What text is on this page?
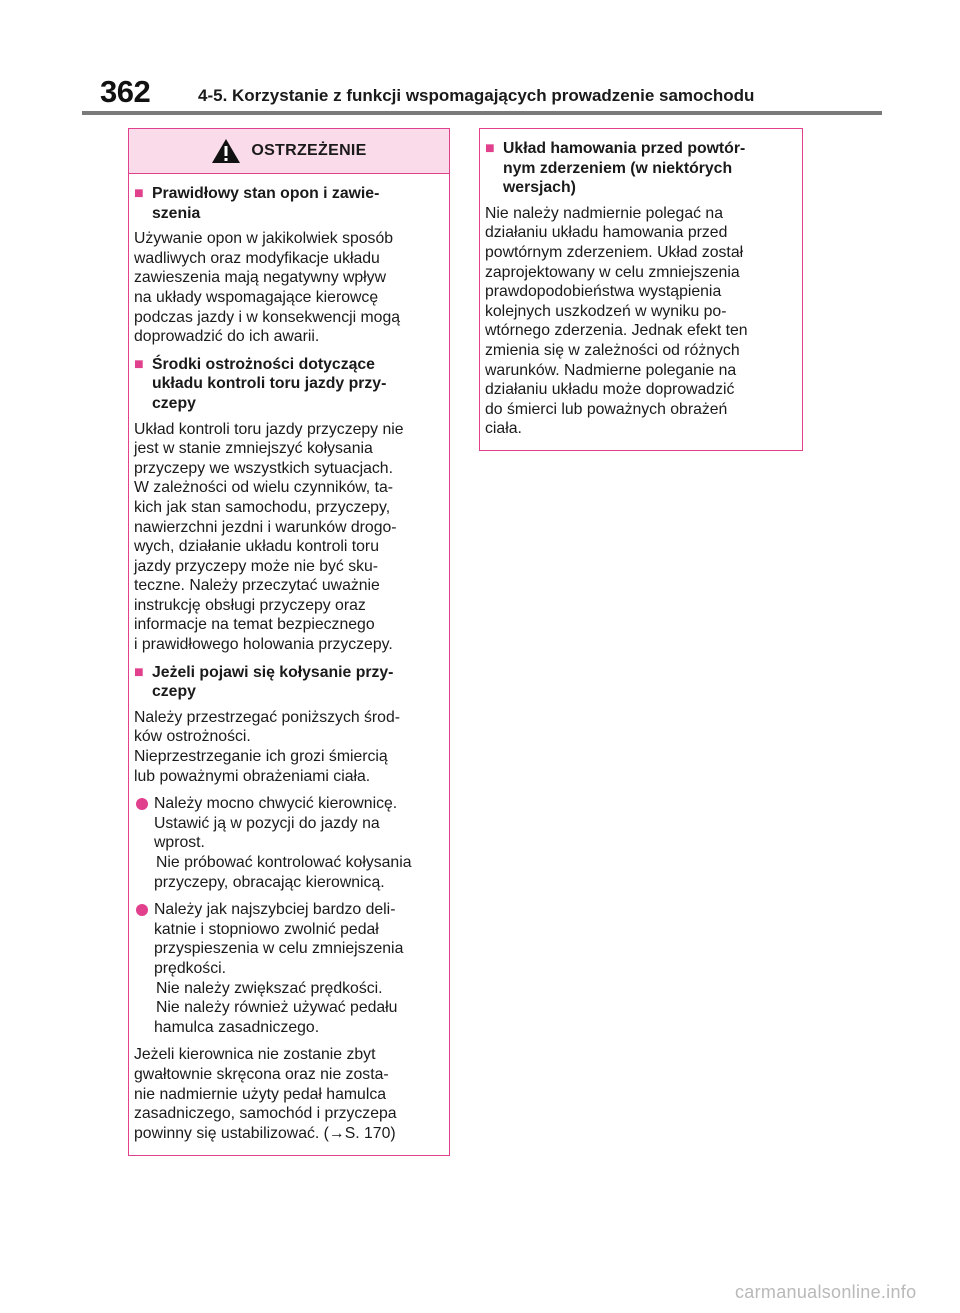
362	4-5. Korzystanie z funkcji wspomagających prowadzenie samochodu
OSTRZEŻENIE
■ Prawidłowy stan opon i zawie-
szenia
Używanie opon w jakikolwiek sposób
wadliwych oraz modyfikacje układu
zawieszenia mają negatywny wpływ
na układy wspomagające kierowcę
podczas jazdy i w konsekwencji mogą
doprowadzić do ich awarii.
■ Środki ostrożności dotyczące
układu kontroli toru jazdy przy-
czepy
Układ kontroli toru jazdy przyczepy nie
jest w stanie zmniejszyć kołysania
przyczepy we wszystkich sytuacjach.
W zależności od wielu czynników, ta-
kich jak stan samochodu, przyczepy,
nawierzchni jezdni i warunków drogo-
wych, działanie układu kontroli toru
jazdy przyczepy może nie być sku-
teczne. Należy przeczytać uważnie
instrukcję obsługi przyczepy oraz
informacje na temat bezpiecznego
i prawidłowego holowania przyczepy.
■ Jeżeli pojawi się kołysanie przy-
czepy
Należy przestrzegać poniższych środ-
ków ostrożności.
Nieprzestrzeganie ich grozi śmiercią
lub poważnymi obrażeniami ciała.
Należy mocno chwycić kierownicę.
Ustawić ją w pozycji do jazdy na
wprost.
Nie próbować kontrolować kołysania
przyczepy, obracając kierownicą.
Należy jak najszybciej bardzo deli-
katnie i stopniowo zwolnić pedał
przyspieszenia w celu zmniejszenia
prędkości.
Nie należy zwiększać prędkości.
Nie należy również używać pedału
hamulca zasadniczego.
Jeżeli kierownica nie zostanie zbyt
gwałtownie skręcona oraz nie zosta-
nie nadmiernie użyty pedał hamulca
zasadniczego, samochód i przyczepa
powinny się ustabilizować. (→S. 170)
■ Układ hamowania przed powtór-
nym zderzeniem (w niektórych
wersjach)
Nie należy nadmiernie polegać na
działaniu układu hamowania przed
powtórnym zderzeniem. Układ został
zaprojektowany w celu zmniejszenia
prawdopodobieństwa wystąpienia
kolejnych uszkodzeń w wyniku po-
wtórnego zderzenia. Jednak efekt ten
zmienia się w zależności od różnych
warunków. Nadmierne poleganie na
działaniu układu może doprowadzić
do śmierci lub poważnych obrażeń
ciała.
carmanualsonline.info
